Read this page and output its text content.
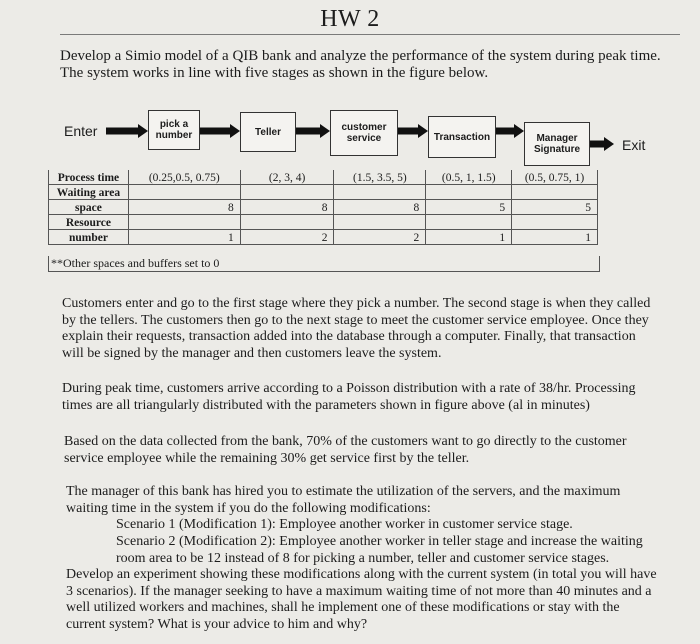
HW 2
Develop a Simio model of a QIB bank and analyze the performance of the system during peak time. The system works in line with five stages as shown in the figure below.
Enter
Exit
pick a
number	Teller	customer
service	Transaction	Manager
Signature
Process time	(0.25,0.5, 0.75)	(2, 3, 4)	(1.5, 3.5, 5)	(0.5, 1, 1.5)	(0.5, 0.75, 1)
Waiting area					
space	8	8	8	5	5
Resource					
number	1	2	2	1	1
**Other spaces and buffers set to 0
Customers enter and go to the first stage where they pick a number. The second stage is when they called by the tellers. The customers then go to the next stage to meet the customer service employee. Once they explain their requests, transaction added into the database through a computer. Finally, that transaction will be signed by the manager and then customers leave the system.
During peak time, customers arrive according to a Poisson distribution with a rate of 38/hr. Processing times are all triangularly distributed with the parameters shown in figure above (al in minutes)
Based on the data collected from the bank, 70% of the customers want to go directly to the customer service employee while the remaining 30% get service first by the teller.
The manager of this bank has hired you to estimate the utilization of the servers, and the maximum waiting time in the system if you do the following modifications:
Scenario 1 (Modification 1): Employee another worker in customer service stage.
Scenario 2 (Modification 2): Employee another worker in teller stage and increase the waiting room area to be 12 instead of 8 for picking a number, teller and customer service stages.
Develop an experiment showing these modifications along with the current system (in total you will have 3 scenarios). If the manager seeking to have a maximum waiting time of not more than 40 minutes and a well utilized workers and machines, shall he implement one of these modifications or stay with the current system? What is your advice to him and why?
